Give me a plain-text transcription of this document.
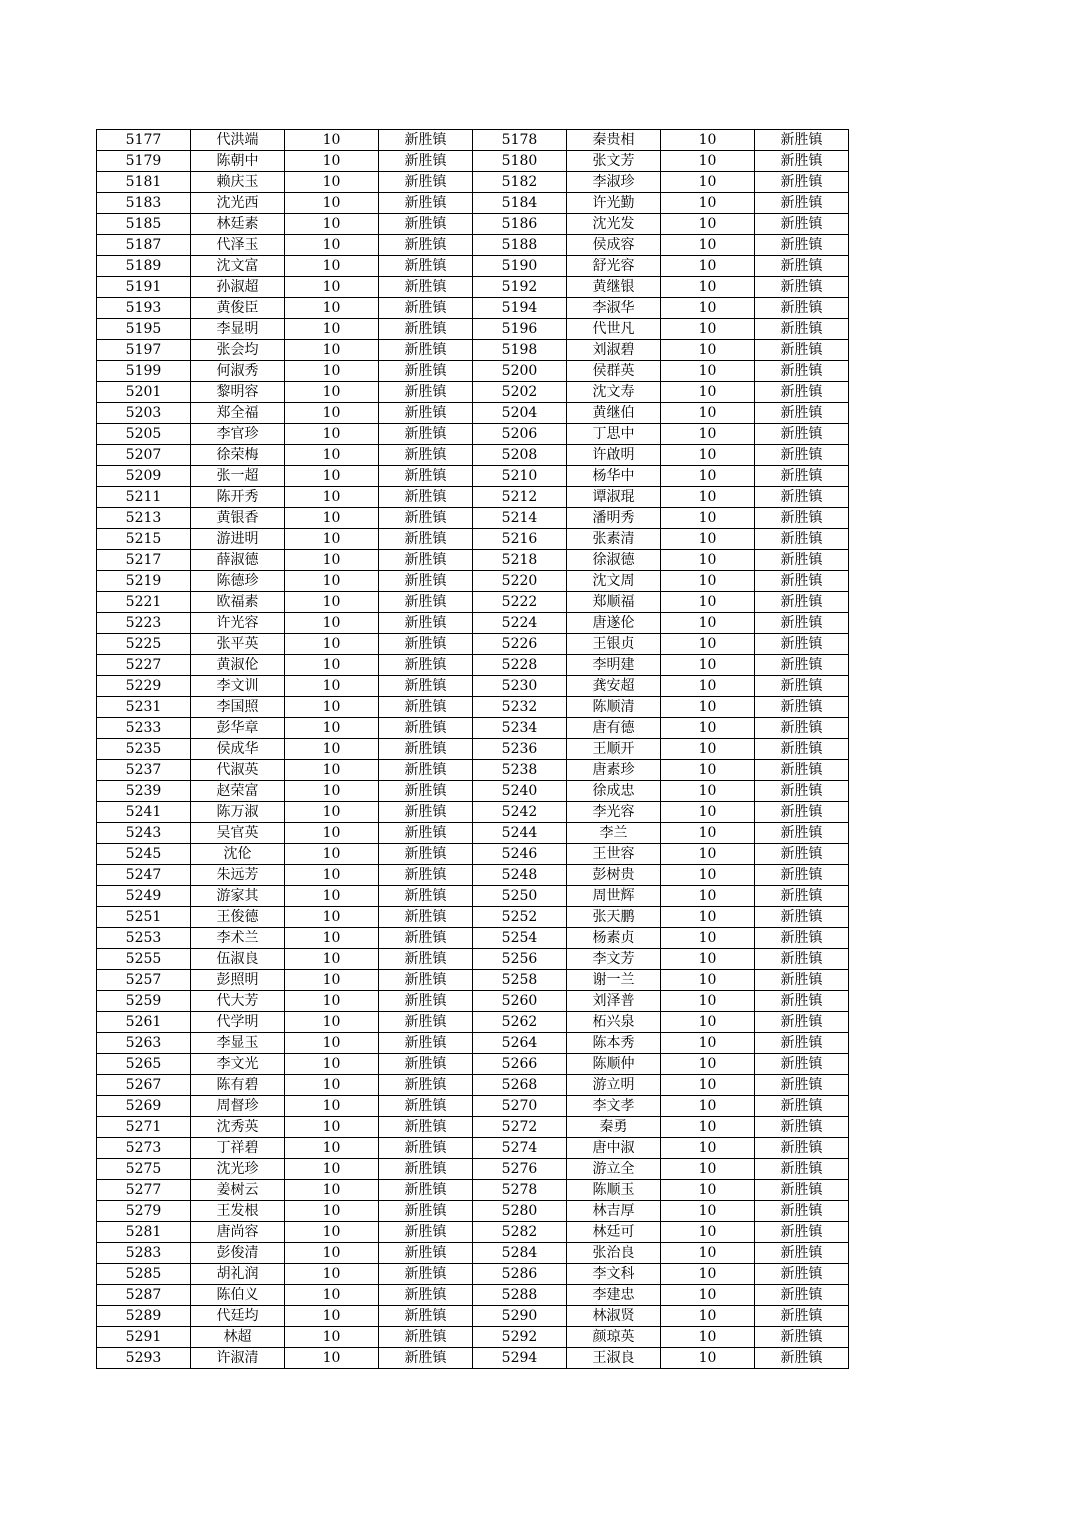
5177	代洪端	10	新胜镇	5178	秦贵相	10	新胜镇
5179	陈朝中	10	新胜镇	5180	张文芳	10	新胜镇
5181	赖庆玉	10	新胜镇	5182	李淑珍	10	新胜镇
5183	沈光西	10	新胜镇	5184	许光勤	10	新胜镇
5185	林廷素	10	新胜镇	5186	沈光发	10	新胜镇
5187	代泽玉	10	新胜镇	5188	侯成容	10	新胜镇
5189	沈文富	10	新胜镇	5190	舒光容	10	新胜镇
5191	孙淑超	10	新胜镇	5192	黄继银	10	新胜镇
5193	黄俊臣	10	新胜镇	5194	李淑华	10	新胜镇
5195	李显明	10	新胜镇	5196	代世凡	10	新胜镇
5197	张会均	10	新胜镇	5198	刘淑碧	10	新胜镇
5199	何淑秀	10	新胜镇	5200	侯群英	10	新胜镇
5201	黎明容	10	新胜镇	5202	沈文寿	10	新胜镇
5203	郑全福	10	新胜镇	5204	黄继伯	10	新胜镇
5205	李官珍	10	新胜镇	5206	丁思中	10	新胜镇
5207	徐荣梅	10	新胜镇	5208	许啟明	10	新胜镇
5209	张一超	10	新胜镇	5210	杨华中	10	新胜镇
5211	陈开秀	10	新胜镇	5212	谭淑琨	10	新胜镇
5213	黄银香	10	新胜镇	5214	潘明秀	10	新胜镇
5215	游进明	10	新胜镇	5216	张素清	10	新胜镇
5217	薛淑德	10	新胜镇	5218	徐淑德	10	新胜镇
5219	陈德珍	10	新胜镇	5220	沈文周	10	新胜镇
5221	欧福素	10	新胜镇	5222	郑顺福	10	新胜镇
5223	许光容	10	新胜镇	5224	唐遂伦	10	新胜镇
5225	张平英	10	新胜镇	5226	王银贞	10	新胜镇
5227	黄淑伦	10	新胜镇	5228	李明建	10	新胜镇
5229	李文训	10	新胜镇	5230	龚安超	10	新胜镇
5231	李国照	10	新胜镇	5232	陈顺清	10	新胜镇
5233	彭华章	10	新胜镇	5234	唐有德	10	新胜镇
5235	侯成华	10	新胜镇	5236	王顺开	10	新胜镇
5237	代淑英	10	新胜镇	5238	唐素珍	10	新胜镇
5239	赵荣富	10	新胜镇	5240	徐成忠	10	新胜镇
5241	陈万淑	10	新胜镇	5242	李光容	10	新胜镇
5243	吴官英	10	新胜镇	5244	李兰	10	新胜镇
5245	沈伦	10	新胜镇	5246	王世容	10	新胜镇
5247	朱远芳	10	新胜镇	5248	彭树贵	10	新胜镇
5249	游家其	10	新胜镇	5250	周世辉	10	新胜镇
5251	王俊德	10	新胜镇	5252	张天鹏	10	新胜镇
5253	李术兰	10	新胜镇	5254	杨素贞	10	新胜镇
5255	伍淑良	10	新胜镇	5256	李文芳	10	新胜镇
5257	彭照明	10	新胜镇	5258	谢一兰	10	新胜镇
5259	代大芳	10	新胜镇	5260	刘泽普	10	新胜镇
5261	代学明	10	新胜镇	5262	柘兴泉	10	新胜镇
5263	李显玉	10	新胜镇	5264	陈本秀	10	新胜镇
5265	李文光	10	新胜镇	5266	陈顺仲	10	新胜镇
5267	陈有碧	10	新胜镇	5268	游立明	10	新胜镇
5269	周督珍	10	新胜镇	5270	李文孝	10	新胜镇
5271	沈秀英	10	新胜镇	5272	秦勇	10	新胜镇
5273	丁祥碧	10	新胜镇	5274	唐中淑	10	新胜镇
5275	沈光珍	10	新胜镇	5276	游立全	10	新胜镇
5277	姜树云	10	新胜镇	5278	陈顺玉	10	新胜镇
5279	王发根	10	新胜镇	5280	林吉厚	10	新胜镇
5281	唐尚容	10	新胜镇	5282	林廷可	10	新胜镇
5283	彭俊清	10	新胜镇	5284	张治良	10	新胜镇
5285	胡礼润	10	新胜镇	5286	李文科	10	新胜镇
5287	陈伯义	10	新胜镇	5288	李建忠	10	新胜镇
5289	代廷均	10	新胜镇	5290	林淑贤	10	新胜镇
5291	林超	10	新胜镇	5292	颜琼英	10	新胜镇
5293	许淑清	10	新胜镇	5294	王淑良	10	新胜镇
